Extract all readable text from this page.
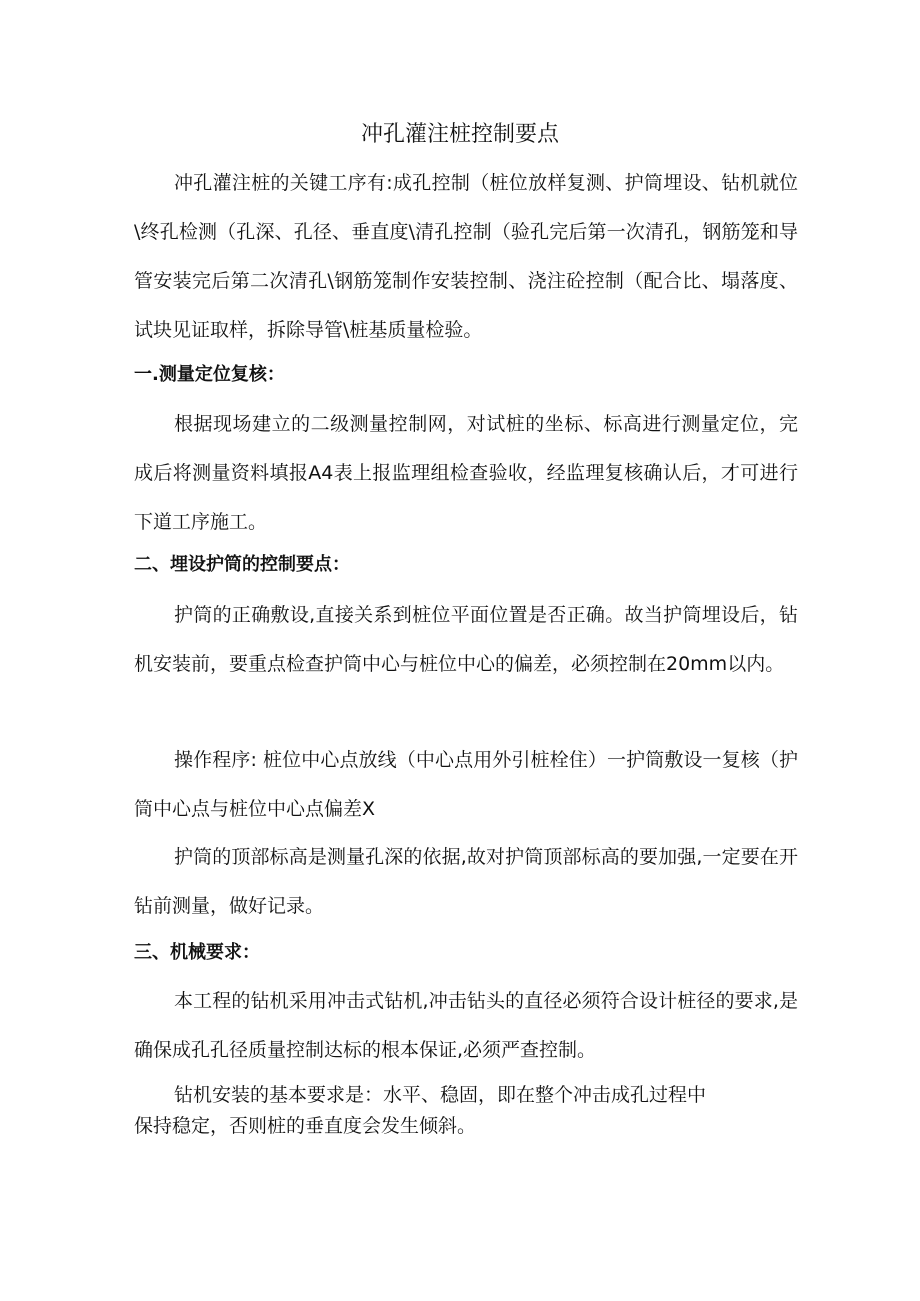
冲孔灌注桩控制要点

冲孔灌注桩的关键工序有:成孔控制（桩位放样复测、护筒埋设、钻机就位\终孔检测（孔深、孔径、垂直度\清孔控制（验孔完后第一次清孔，钢筋笼和导管安装完后第二次清孔\钢筋笼制作安装控制、浇注砼控制（配合比、塌落度、试块见证取样，拆除导管\桩基质量检验。

一.测量定位复核：

根据现场建立的二级测量控制网，对试桩的坐标、标高进行测量定位，完成后将测量资料填报A4表上报监理组检查验收，经监理复核确认后，才可进行下道工序施工。

二、埋设护筒的控制要点：

护筒的正确敷设,直接关系到桩位平面位置是否正确。故当护筒埋设后，钻机安装前，要重点检查护筒中心与桩位中心的偏差，必须控制在20mm以内。

操作程序: 桩位中心点放线（中心点用外引桩栓住）一护筒敷设一复核（护筒中心点与桩位中心点偏差X

护筒的顶部标高是测量孔深的依据,故对护筒顶部标高的要加强,一定要在开钻前测量，做好记录。

三、机械要求：

本工程的钻机采用冲击式钻机,冲击钻头的直径必须符合设计桩径的要求,是确保成孔孔径质量控制达标的根本保证,必须严查控制。

钻机安装的基本要求是：水平、稳固，即在整个冲击成孔过程中

保持稳定，否则桩的垂直度会发生倾斜。
